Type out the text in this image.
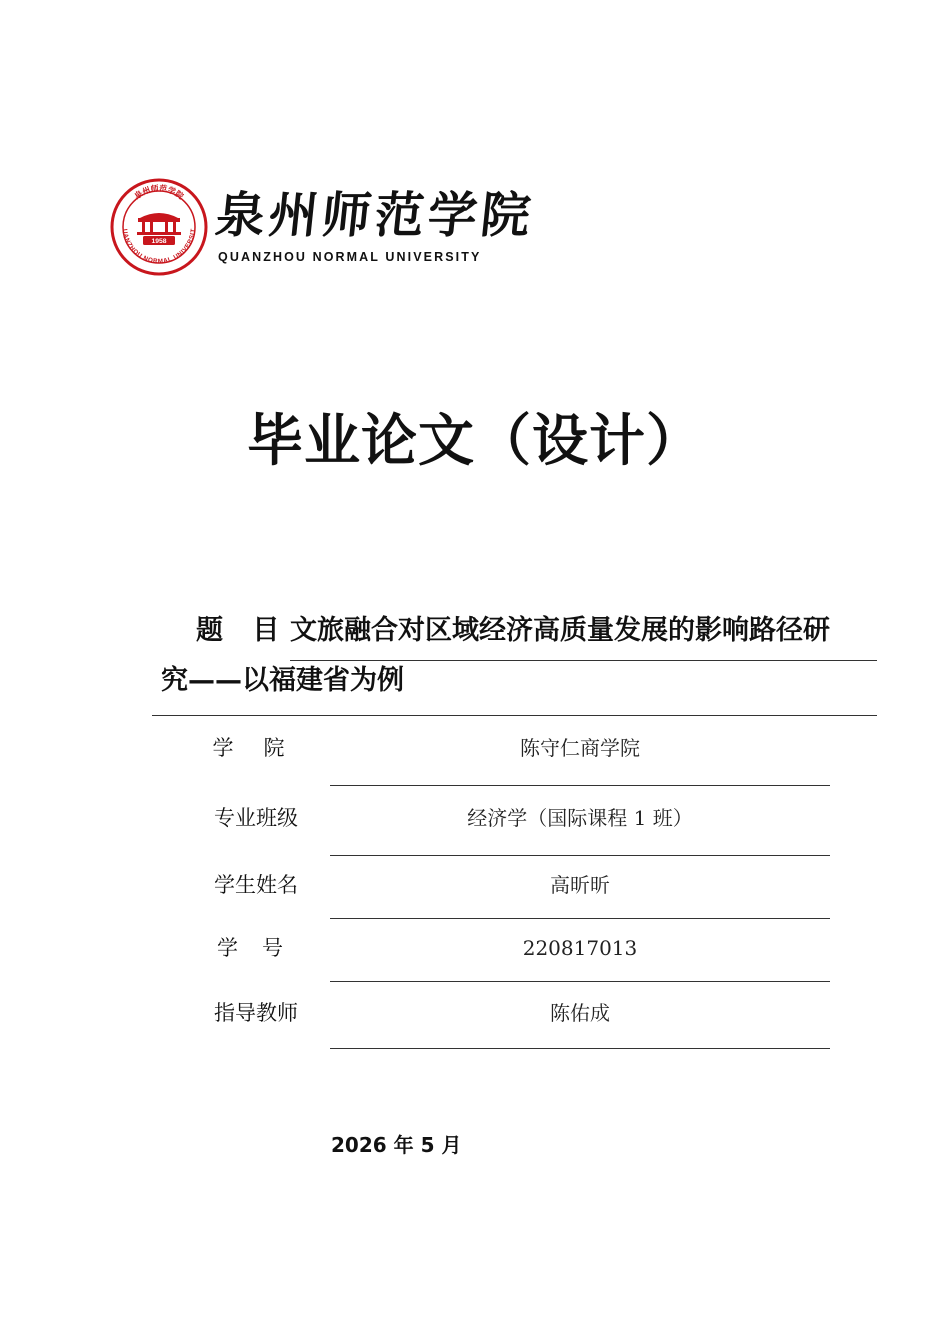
UANZHOU NORMAL UNIVERSIT
泉州师范学院
1958 泉州师范学院
QUANZHOU NORMAL UNIVERSITY
毕业论文（设计）
题 目 文旅融合对区域经济高质量发展的影响路径研
究——以福建省为例
学院	陈守仁商学院
专业班级	经济学（国际课程 1 班）
学生姓名	高昕昕
学号	220817013
指导教师	陈佑成
2026 年 5 月
